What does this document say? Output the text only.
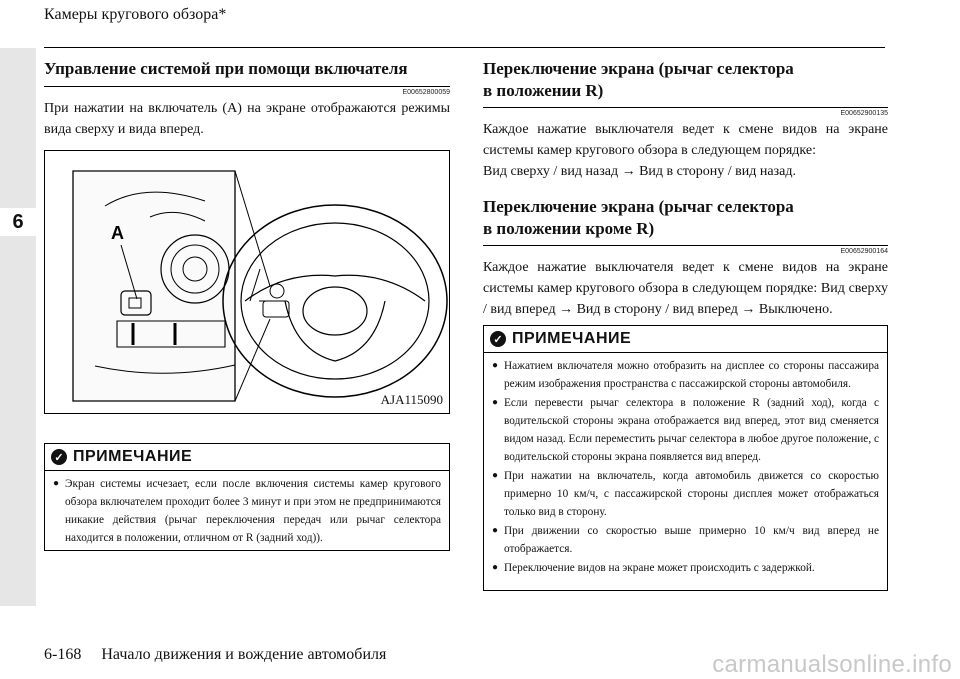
6
Камеры кругового обзора*
Управление системой при помощи включателя
E00652800059
При нажатии на включатель (A) на экране отображаются режимы вида сверху и вида вперед.
A
AJA115090
✓ ПРИМЕЧАНИЕ
● Экран системы исчезает, если после включения системы камер кругового обзора включателем проходит более 3 минут и при этом не предпринимаются никакие действия (рычаг переключения передач или рычаг селектора находится в положении, отличном от R (задний ход)).
Переключение экрана (рычаг селектора
в положении R)
E00652900135
Каждое нажатие выключателя ведет к смене видов на экране системы камер кругового обзора в следующем порядке:
Вид сверху / вид назад → Вид в сторону / вид назад.
Переключение экрана (рычаг селектора
в положении кроме R)
E00652900164
Каждое нажатие выключателя ведет к смене видов на экране системы камер кругового обзора в следующем порядке: Вид сверху / вид вперед → Вид в сторону / вид вперед → Выключено.
✓ ПРИМЕЧАНИЕ
● Нажатием включателя можно отобразить на дисплее со стороны пассажира режим изображения пространства с пассажирской стороны автомобиля.
● Если перевести рычаг селектора в положение R (задний ход), когда с водительской стороны экрана отображается вид вперед, этот вид сменяется видом назад. Если переместить рычаг селектора в любое другое положение, с водительской стороны экрана появляется вид вперед.
● При нажатии на включатель, когда автомобиль движется со скоростью примерно 10 км/ч, с пассажирской стороны дисплея может отображаться только вид в сторону.
● При движении со скоростью выше примерно 10 км/ч вид вперед не отображается.
● Переключение видов на экране может происходить с задержкой.
6-168 Начало движения и вождение автомобиля	carmanualsonline.info
